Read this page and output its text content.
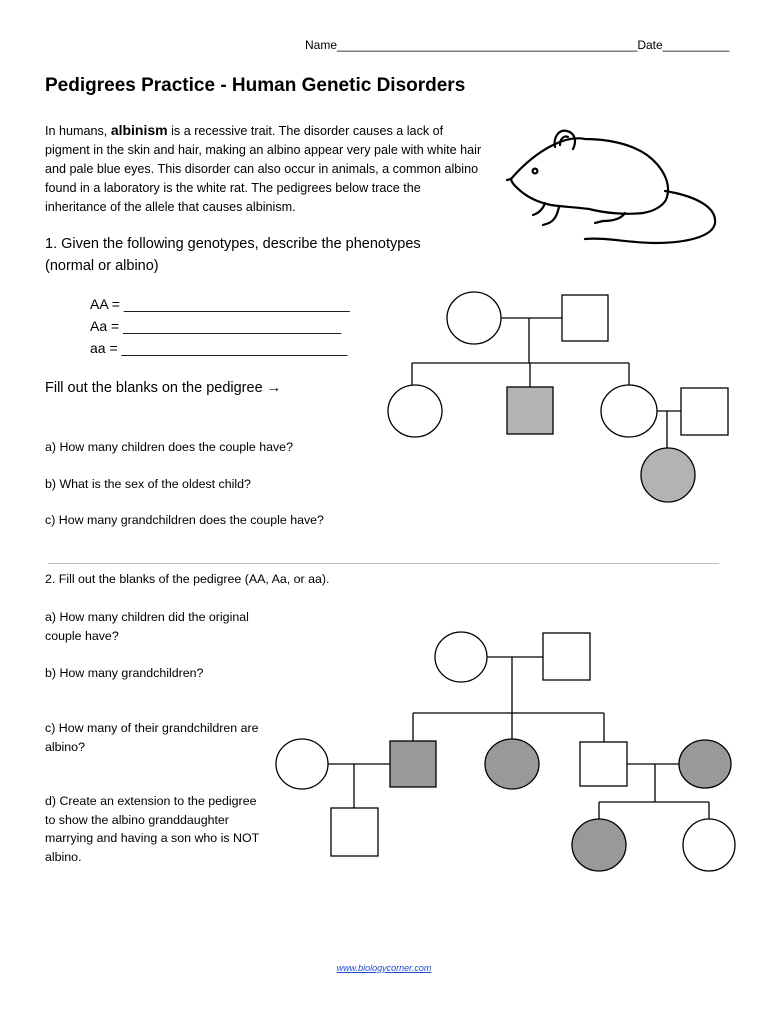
Name_____________________________________________Date__________
Pedigrees Practice - Human Genetic Disorders
In humans, albinism is a recessive trait. The disorder causes a lack of pigment in the skin and hair, making an albino appear very pale with white hair and pale blue eyes. This disorder can also occur in animals, a common albino found in a laboratory is the white rat. The pedigrees below trace the inheritance of the allele that causes albinism.
1. Given the following genotypes, describe the phenotypes (normal or albino)
AA = _____________________________
Aa = ____________________________
aa = _____________________________
Fill out the blanks on the pedigree →
a) How many children does the couple have?
b) What is the sex of the oldest child?
c) How many grandchildren does the couple have?
2. Fill out the blanks of the pedigree (AA, Aa, or aa).
a) How many children did the original couple have?
b) How many grandchildren?
c) How many of their grandchildren are albino?
d) Create an extension to the pedigree to show the albino granddaughter marrying and having a son who is NOT albino.
www.biologycorner.com
